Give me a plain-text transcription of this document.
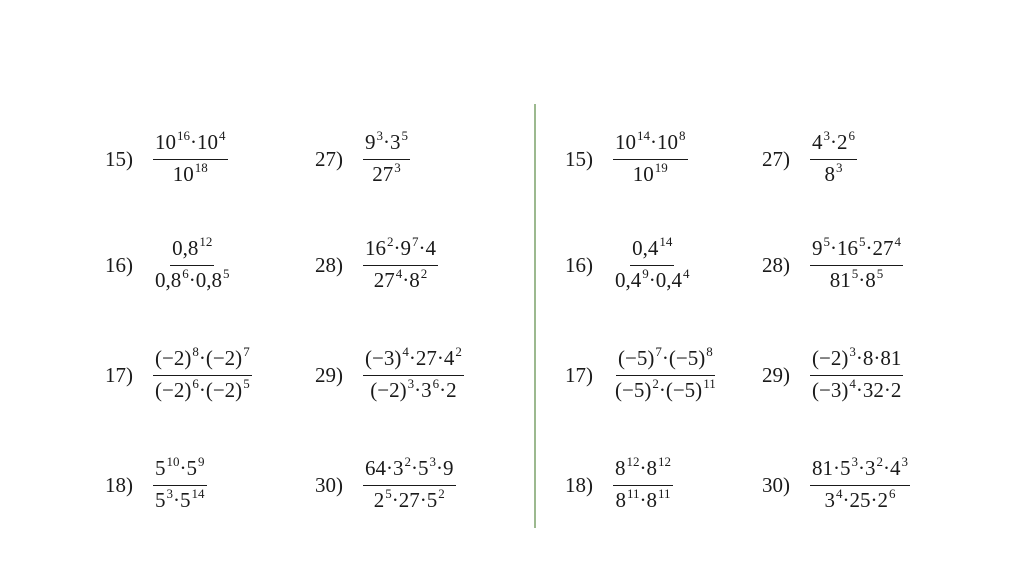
$15) \frac{10^{16}\cdot 10^4}{10^{18}}$
$16) \frac{0,8^{12}}{0,8^6\cdot 0,8^5}$
$17) \frac{(-2)^8\cdot(-2)^7}{(-2)^6\cdot(-2)^5}$
$18) \frac{5^{10}\cdot 5^9}{5^3\cdot 5^{14}}$
$27) \frac{9^3\cdot 3^5}{27^3}$
$28) \frac{16^2\cdot 9^7\cdot 4}{27^4\cdot 8^2}$
$29) \frac{(-3)^4\cdot 27\cdot 4^2}{(-2)^3\cdot 3^6\cdot 2}$
$30) \frac{64\cdot 3^2\cdot 5^3\cdot 9}{2^5\cdot 27\cdot 5^2}$
$15) \frac{10^{14}\cdot 10^8}{10^{19}}$
$16) \frac{0,4^{14}}{0,4^9\cdot 0,4^4}$
$17) \frac{(-5)^7\cdot(-5)^8}{(-5)^2\cdot(-5)^{11}}$
$18) \frac{8^{12}\cdot 8^{12}}{8^{11}\cdot 8^{11}}$
$27) \frac{4^3\cdot 2^6}{8^3}$
$28) \frac{9^5\cdot 16^5\cdot 27^4}{81^5\cdot 8^5}$
$29) \frac{(-2)^3\cdot 8\cdot 81}{(-3)^4\cdot 32\cdot 2}$
$30) \frac{81\cdot 5^3\cdot 3^2\cdot 4^3}{3^4\cdot 25\cdot 2^6}$
